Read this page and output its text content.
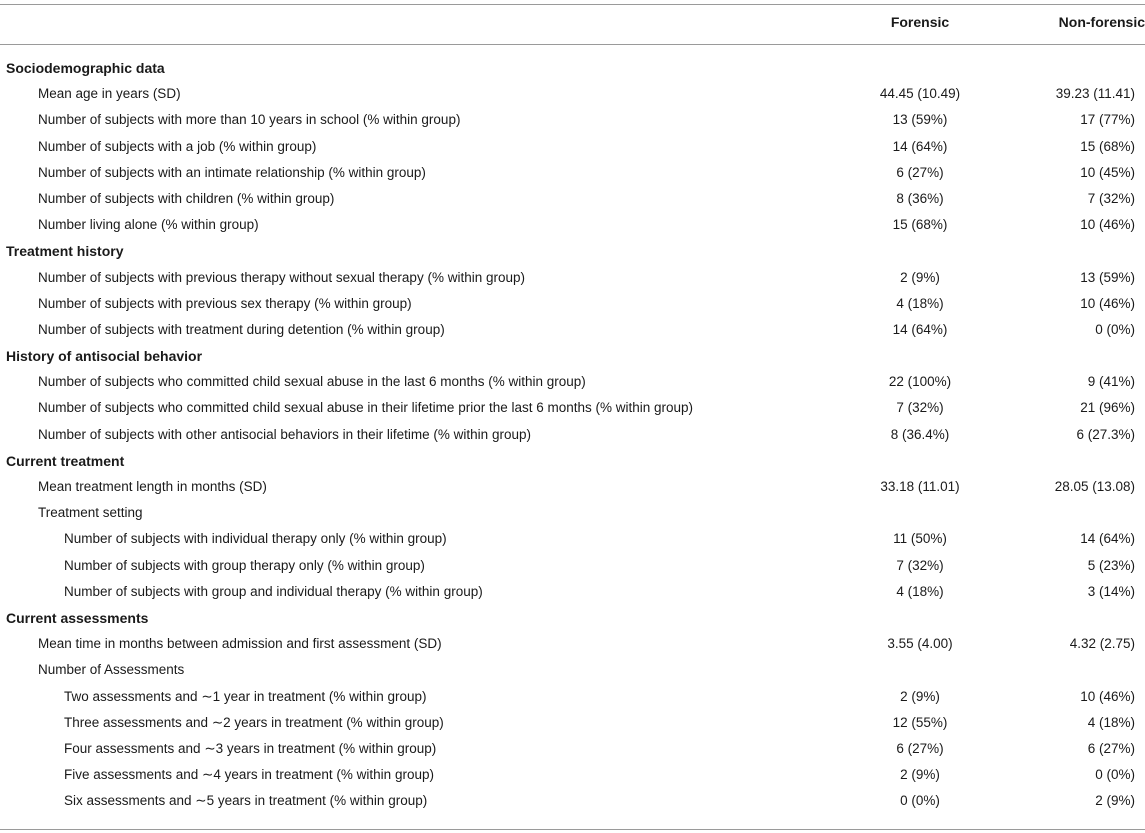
Forensic	Non-forensic
Sociodemographic data
Mean age in years (SD)	44.45 (10.49)	39.23 (11.41)
Number of subjects with more than 10 years in school (% within group)	13 (59%)	17 (77%)
Number of subjects with a job (% within group)	14 (64%)	15 (68%)
Number of subjects with an intimate relationship (% within group)	6 (27%)	10 (45%)
Number of subjects with children (% within group)	8 (36%)	7 (32%)
Number living alone (% within group)	15 (68%)	10 (46%)
Treatment history
Number of subjects with previous therapy without sexual therapy (% within group)	2 (9%)	13 (59%)
Number of subjects with previous sex therapy (% within group)	4 (18%)	10 (46%)
Number of subjects with treatment during detention (% within group)	14 (64%)	0 (0%)
History of antisocial behavior
Number of subjects who committed child sexual abuse in the last 6 months (% within group)	22 (100%)	9 (41%)
Number of subjects who committed child sexual abuse in their lifetime prior the last 6 months (% within group)	7 (32%)	21 (96%)
Number of subjects with other antisocial behaviors in their lifetime (% within group)	8 (36.4%)	6 (27.3%)
Current treatment
Mean treatment length in months (SD)	33.18 (11.01)	28.05 (13.08)
Treatment setting
Number of subjects with individual therapy only (% within group)	11 (50%)	14 (64%)
Number of subjects with group therapy only (% within group)	7 (32%)	5 (23%)
Number of subjects with group and individual therapy (% within group)	4 (18%)	3 (14%)
Current assessments
Mean time in months between admission and first assessment (SD)	3.55 (4.00)	4.32 (2.75)
Number of Assessments
Two assessments and ∼1 year in treatment (% within group)	2 (9%)	10 (46%)
Three assessments and ∼2 years in treatment (% within group)	12 (55%)	4 (18%)
Four assessments and ∼3 years in treatment (% within group)	6 (27%)	6 (27%)
Five assessments and ∼4 years in treatment (% within group)	2 (9%)	0 (0%)
Six assessments and ∼5 years in treatment (% within group)	0 (0%)	2 (9%)
